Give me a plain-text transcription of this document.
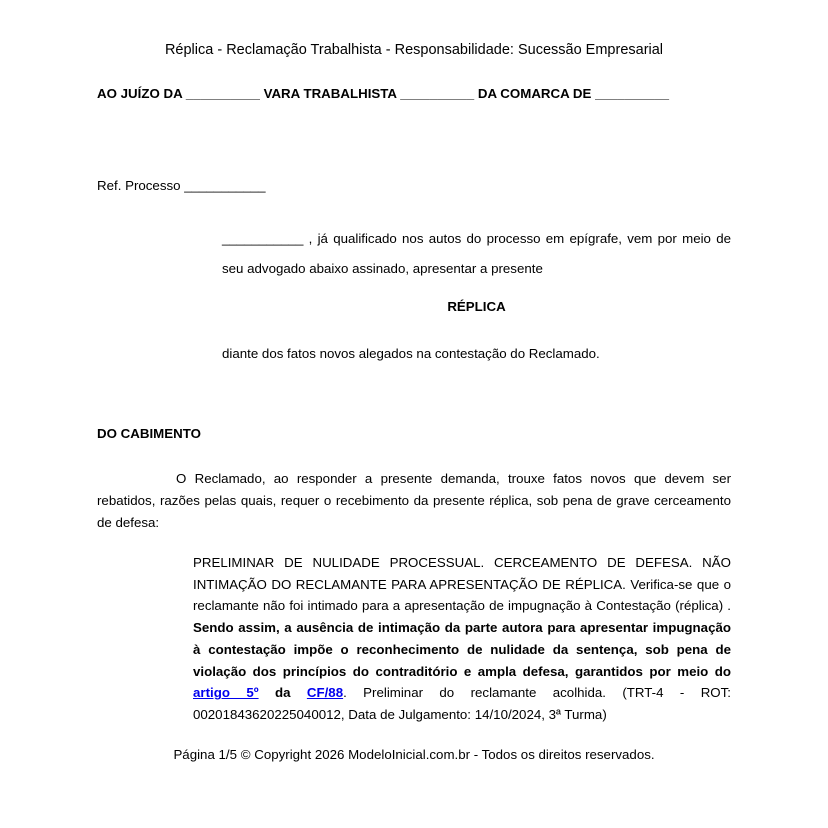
Réplica - Reclamação Trabalhista - Responsabilidade: Sucessão Empresarial
AO JUÍZO DA __________ VARA TRABALHISTA __________ DA COMARCA DE __________
Ref. Processo ___________

___________ , já qualificado nos autos do processo em epígrafe, vem por meio de seu advogado abaixo assinado, apresentar a presente

RÉPLICA
diante dos fatos novos alegados na contestação do Reclamado.
DO CABIMENTO

O Reclamado, ao responder a presente demanda, trouxe fatos novos que devem ser rebatidos, razões pelas quais, requer o recebimento da presente réplica, sob pena de grave cerceamento de defesa:

PRELIMINAR DE NULIDADE PROCESSUAL. CERCEAMENTO DE DEFESA. NÃO INTIMAÇÃO DO RECLAMANTE PARA APRESENTAÇÃO DE RÉPLICA. Verifica-se que o reclamante não foi intimado para a apresentação de impugnação à Contestação (réplica) . Sendo assim, a ausência de intimação da parte autora para apresentar impugnação à contestação impõe o reconhecimento de nulidade da sentença, sob pena de violação dos princípios do contraditório e ampla defesa, garantidos por meio do artigo 5º da CF/88. Preliminar do reclamante acolhida. (TRT-4 - ROT: 00201843620225040012, Data de Julgamento: 14/10/2024, 3ª Turma)
Página 1/5 © Copyright 2026 ModeloInicial.com.br - Todos os direitos reservados.
